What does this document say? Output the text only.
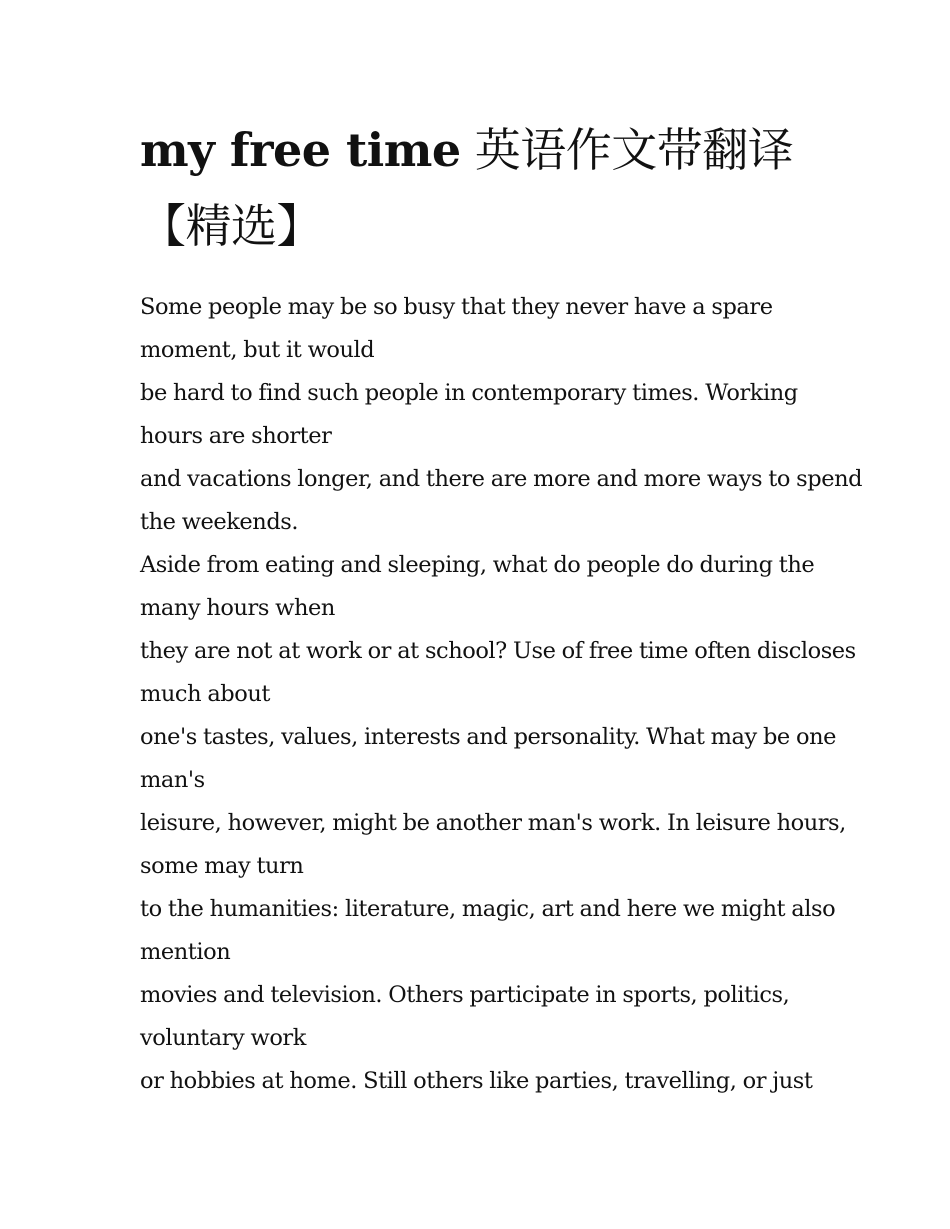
my free time 英语作文带翻译【精选】
Some people may be so busy that they never have a spare
moment, but it would
be hard to find such people in contemporary times. Working
hours are shorter
and vacations longer, and there are more and more ways to spend
the weekends.
Aside from eating and sleeping, what do people do during the
many hours when
they are not at work or at school? Use of free time often discloses
much about
one's tastes, values, interests and personality. What may be one
man's
leisure, however, might be another man's work. In leisure hours,
some may turn
to the humanities: literature, magic, art and here we might also
mention
movies and television. Others participate in sports, politics,
voluntary work
or hobbies at home. Still others like parties, travelling, or just
